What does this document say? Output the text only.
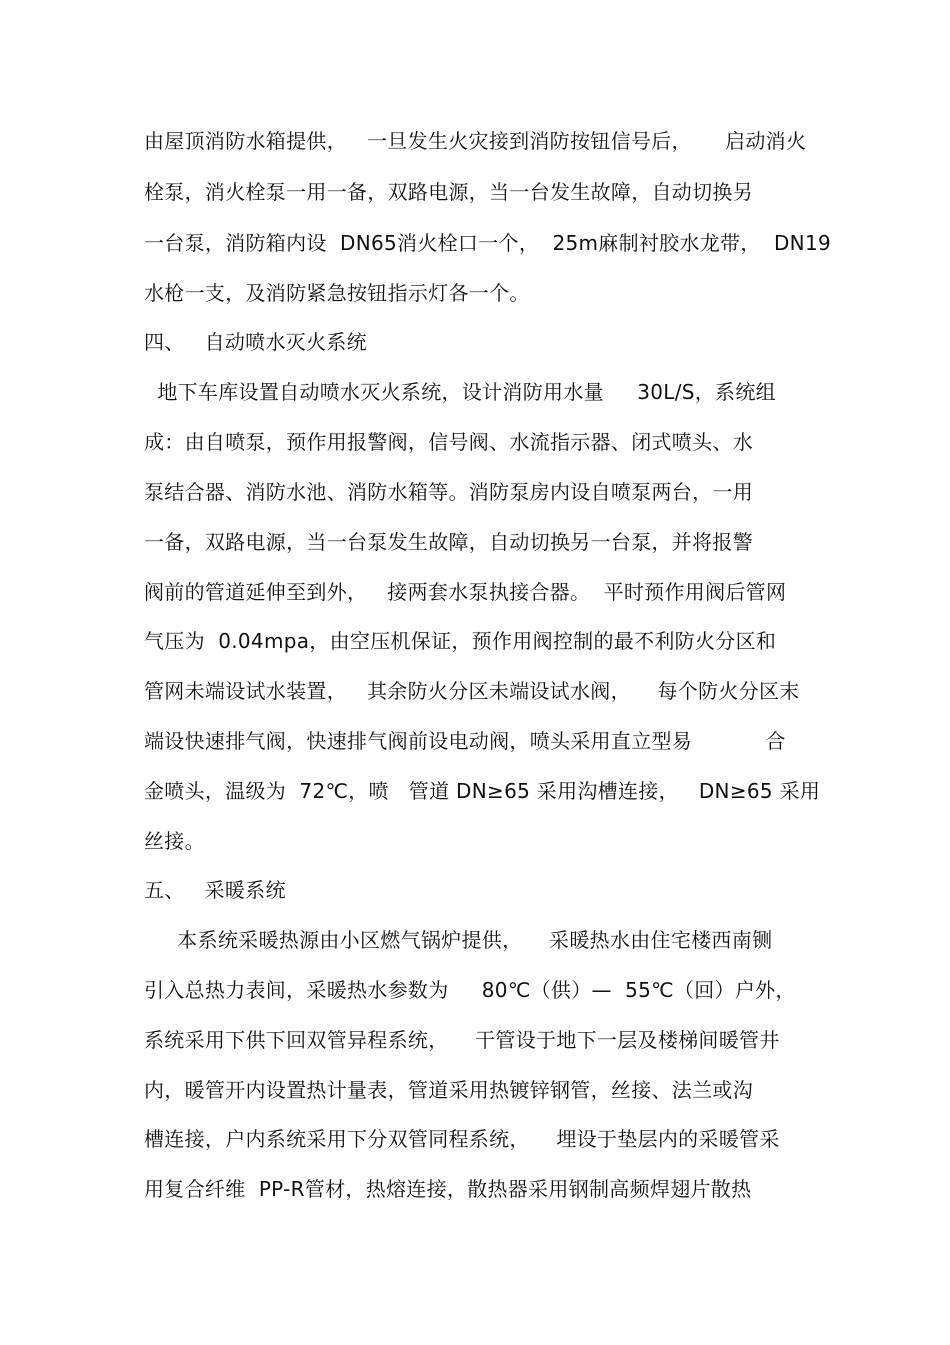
由屋顶消防水箱提供，   一旦发生火灾接到消防按钮信号后，     启动消火
栓泵，消火栓泵一用一备，双路电源，当一台发生故障，自动切换另
一台泵，消防箱内设  DN65消火栓口一个，  25m麻制衬胶水龙带，  DN19
水枪一支，及消防紧急按钮指示灯各一个。
四、   自动喷水灭火系统
地下车库设置自动喷水灭火系统，设计消防用水量     30L/S，系统组
成：由自喷泵，预作用报警阀，信号阀、水流指示器、闭式喷头、水
泵结合器、消防水池、消防水箱等。消防泵房内设自喷泵两台，一用
一备，双路电源，当一台泵发生故障，自动切换另一台泵，并将报警
阀前的管道延伸至到外，   接两套水泵执接合器。  平时预作用阀后管网
气压为  0.04mpa，由空压机保证，预作用阀控制的最不利防火分区和
管网未端设试水装置，   其余防火分区未端设试水阀，    每个防火分区末
端设快速排气阀，快速排气阀前设电动阀，喷头采用直立型易           合
金喷头，温级为  72℃，喷   管道 DN≥65 采用沟槽连接，   DN≥65 采用
丝接。
五、   采暖系统
本系统采暖热源由小区燃气锅炉提供，    采暖热水由住宅楼西南铡
引入总热力表间，采暖热水参数为     80℃（供）—  55℃（回）户外，
系统采用下供下回双管异程系统，    干管设于地下一层及楼梯间暖管井
内，暖管开内设置热计量表，管道采用热镀锌钢管，丝接、法兰或沟
槽连接，户内系统采用下分双管同程系统，    埋设于垫层内的采暖管采
用复合纤维  PP-R管材，热熔连接，散热器采用钢制高频焊翅片散热
